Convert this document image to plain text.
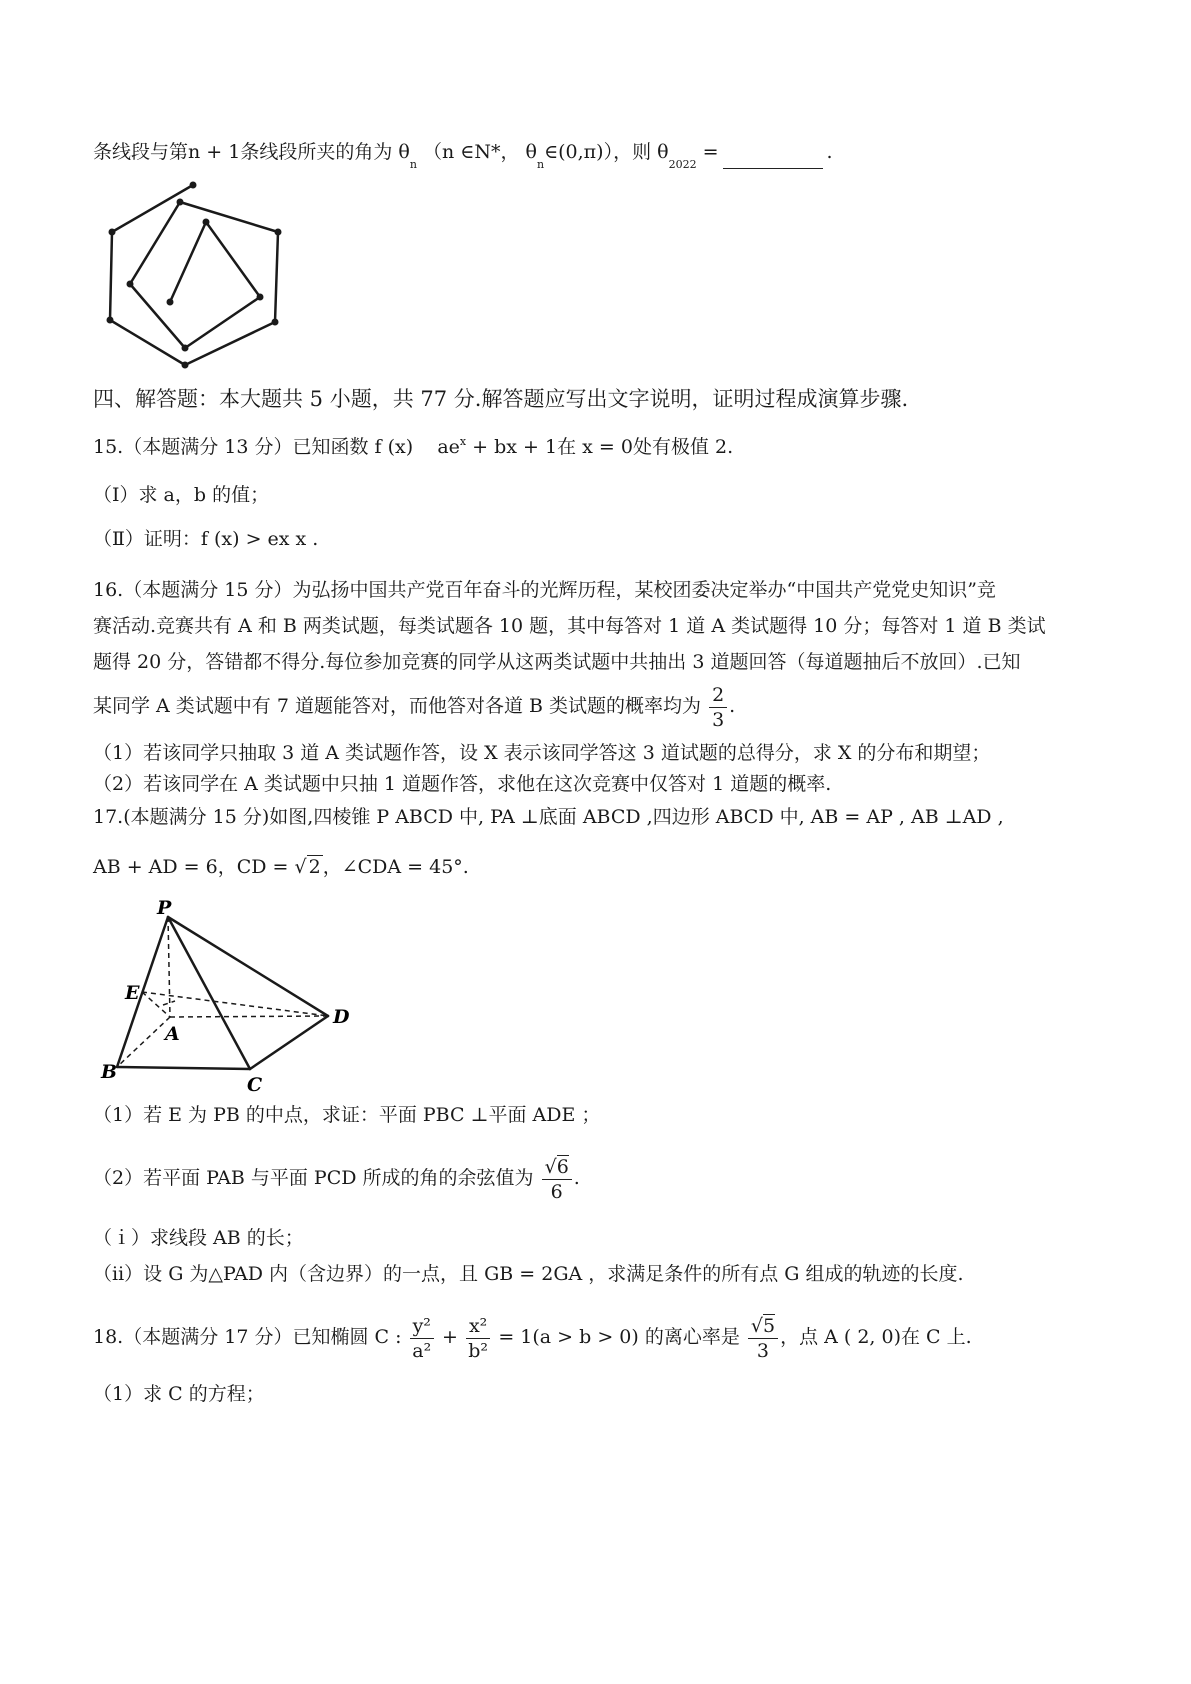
条线段与第n + 1条线段所夹的角为 $\theta_n$ （n ∈N*， $\theta_n\in(0,\pi)$），则 $\theta_{2022}$ =	.
四、解答题：本大题共 5 小题，共 77 分.解答题应写出文字说明，证明过程成演算步骤.
15.（本题满分 13 分）已知函数 f (x) $ae^x$ + bx + 1在 x = 0处有极值 2.
（Ⅰ）求 a，b 的值；
（Ⅱ）证明：f (x) > ex x .
16.（本题满分 15 分）为弘扬中国共产党百年奋斗的光辉历程，某校团委决定举办“中国共产党党史知识”竞
赛活动.竞赛共有 A 和 B 两类试题，每类试题各 10 题，其中每答对 1 道 A 类试题得 10 分；每答对 1 道 B 类试
题得 20 分，答错都不得分.每位参加竞赛的同学从这两类试题中共抽出 3 道题回答（每道题抽后不放回）.已知
某同学 A 类试题中有 7 道题能答对，而他答对各道 B 类试题的概率均为 $\frac{2}{3}$ .
（1）若该同学只抽取 3 道 A 类试题作答，设 X 表示该同学答这 3 道试题的总得分，求 X 的分布和期望；
（2）若该同学在 A 类试题中只抽 1 道题作答，求他在这次竞赛中仅答对 1 道题的概率.
17.(本题满分 15 分)如图,四棱锥 P ABCD 中, PA ⊥底面 ABCD ,四边形 ABCD 中, AB = AP , AB ⊥AD ,
AB + AD = 6，CD = √ 2 ，∠CDA = 45°.
P
E
A
D
B
C
（1）若 E 为 PB 的中点，求证：平面 PBC ⊥平面 ADE ；
（2）若平面 PAB 与平面 PCD 所成的角的余弦值为 $\frac{√6}{6}$ .
（ｉ）求线段 AB 的长；
（ⅱ）设 G 为△PAD 内（含边界）的一点，且 GB = 2GA ，求满足条件的所有点 G 组成的轨迹的长度.
18.（本题满分 17 分）已知椭圆 C : $\frac{\text{y²}}{\text{a²}} + \frac{\text{x²}}{\text{b²}} = 1(a > b > 0)$ 的离心率是 $\frac{√5}{3}$ ，点 A ( 2, 0)在 C 上.
（1）求 C 的方程；
